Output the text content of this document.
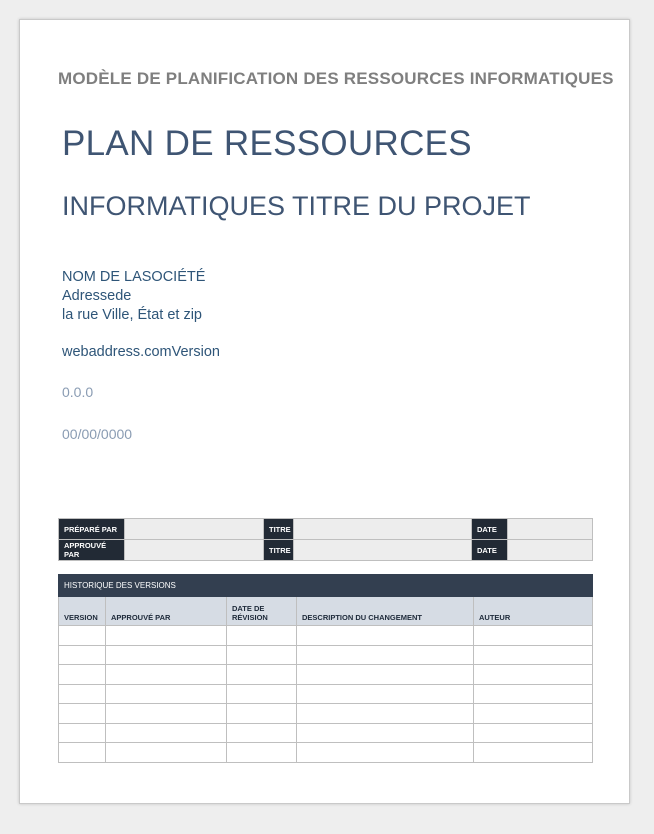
MODÈLE DE PLANIFICATION DES RESSOURCES INFORMATIQUES
PLAN DE RESSOURCES
INFORMATIQUES TITRE DU PROJET
NOM DE LASOCIÉTÉ
Adressede
la rue Ville, État et zip
webaddress.comVersion
0.0.0
00/00/0000
PRÉPARÉ PAR		TITRE		DATE	
APPROUVÉ PAR		TITRE		DATE	
HISTORIQUE DES VERSIONS				
VERSION	APPROUVÉ PAR	DATE DE RÉVISION	DESCRIPTION DU CHANGEMENT	AUTEUR
